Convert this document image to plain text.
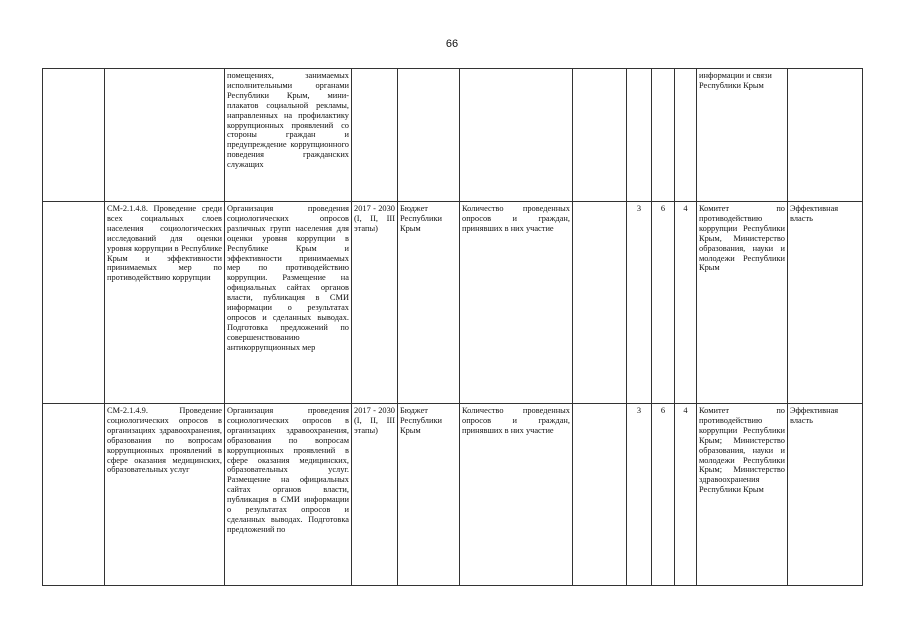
66
		помещениях, занимаемых исполнительными органами Республики Крым, мини-плакатов социальной рекламы, направленных на профилактику коррупционных проявлений со стороны граждан и предупреждение коррупционного поведения гражданских служащих								информации и связи Республики Крым	
	СМ-2.1.4.8. Проведение среди всех социальных слоев населения социологических исследований для оценки уровня коррупции в Республике Крым и эффективности принимаемых мер по противодействию коррупции	Организация проведения социологических опросов различных групп населения для оценки уровня коррупции в Республике Крым и эффективности принимаемых мер по противодействию коррупции. Размещение на официальных сайтах органов власти, публикация в СМИ информации о результатах опросов и сделанных выводах. Подготовка предложений по совершенствованию антикоррупционных мер	2017 - 2030 (I, II, III этапы)	Бюджет Республики Крым	Количество проведенных опросов и граждан, принявших в них участие		3	6	4	Комитет по противодействию коррупции Республики Крым, Министерство образования, науки и молодежи Республики Крым	Эффективная власть
	СМ-2.1.4.9. Проведение социологических опросов в организациях здравоохранения, образования по вопросам коррупционных проявлений в сфере оказания медицинских, образовательных услуг	Организация проведения социологических опросов в организациях здравоохранения, образования по вопросам коррупционных проявлений в сфере оказания медицинских, образовательных услуг. Размещение на официальных сайтах органов власти, публикация в СМИ информации о результатах опросов и сделанных выводах. Подготовка предложений по	2017 - 2030 (I, II, III этапы)	Бюджет Республики Крым	Количество проведенных опросов и граждан, принявших в них участие		3	6	4	Комитет по противодействию коррупции Республики Крым; Министерство образования, науки и молодежи Республики Крым; Министерство здравоохранения Республики Крым	Эффективная власть
